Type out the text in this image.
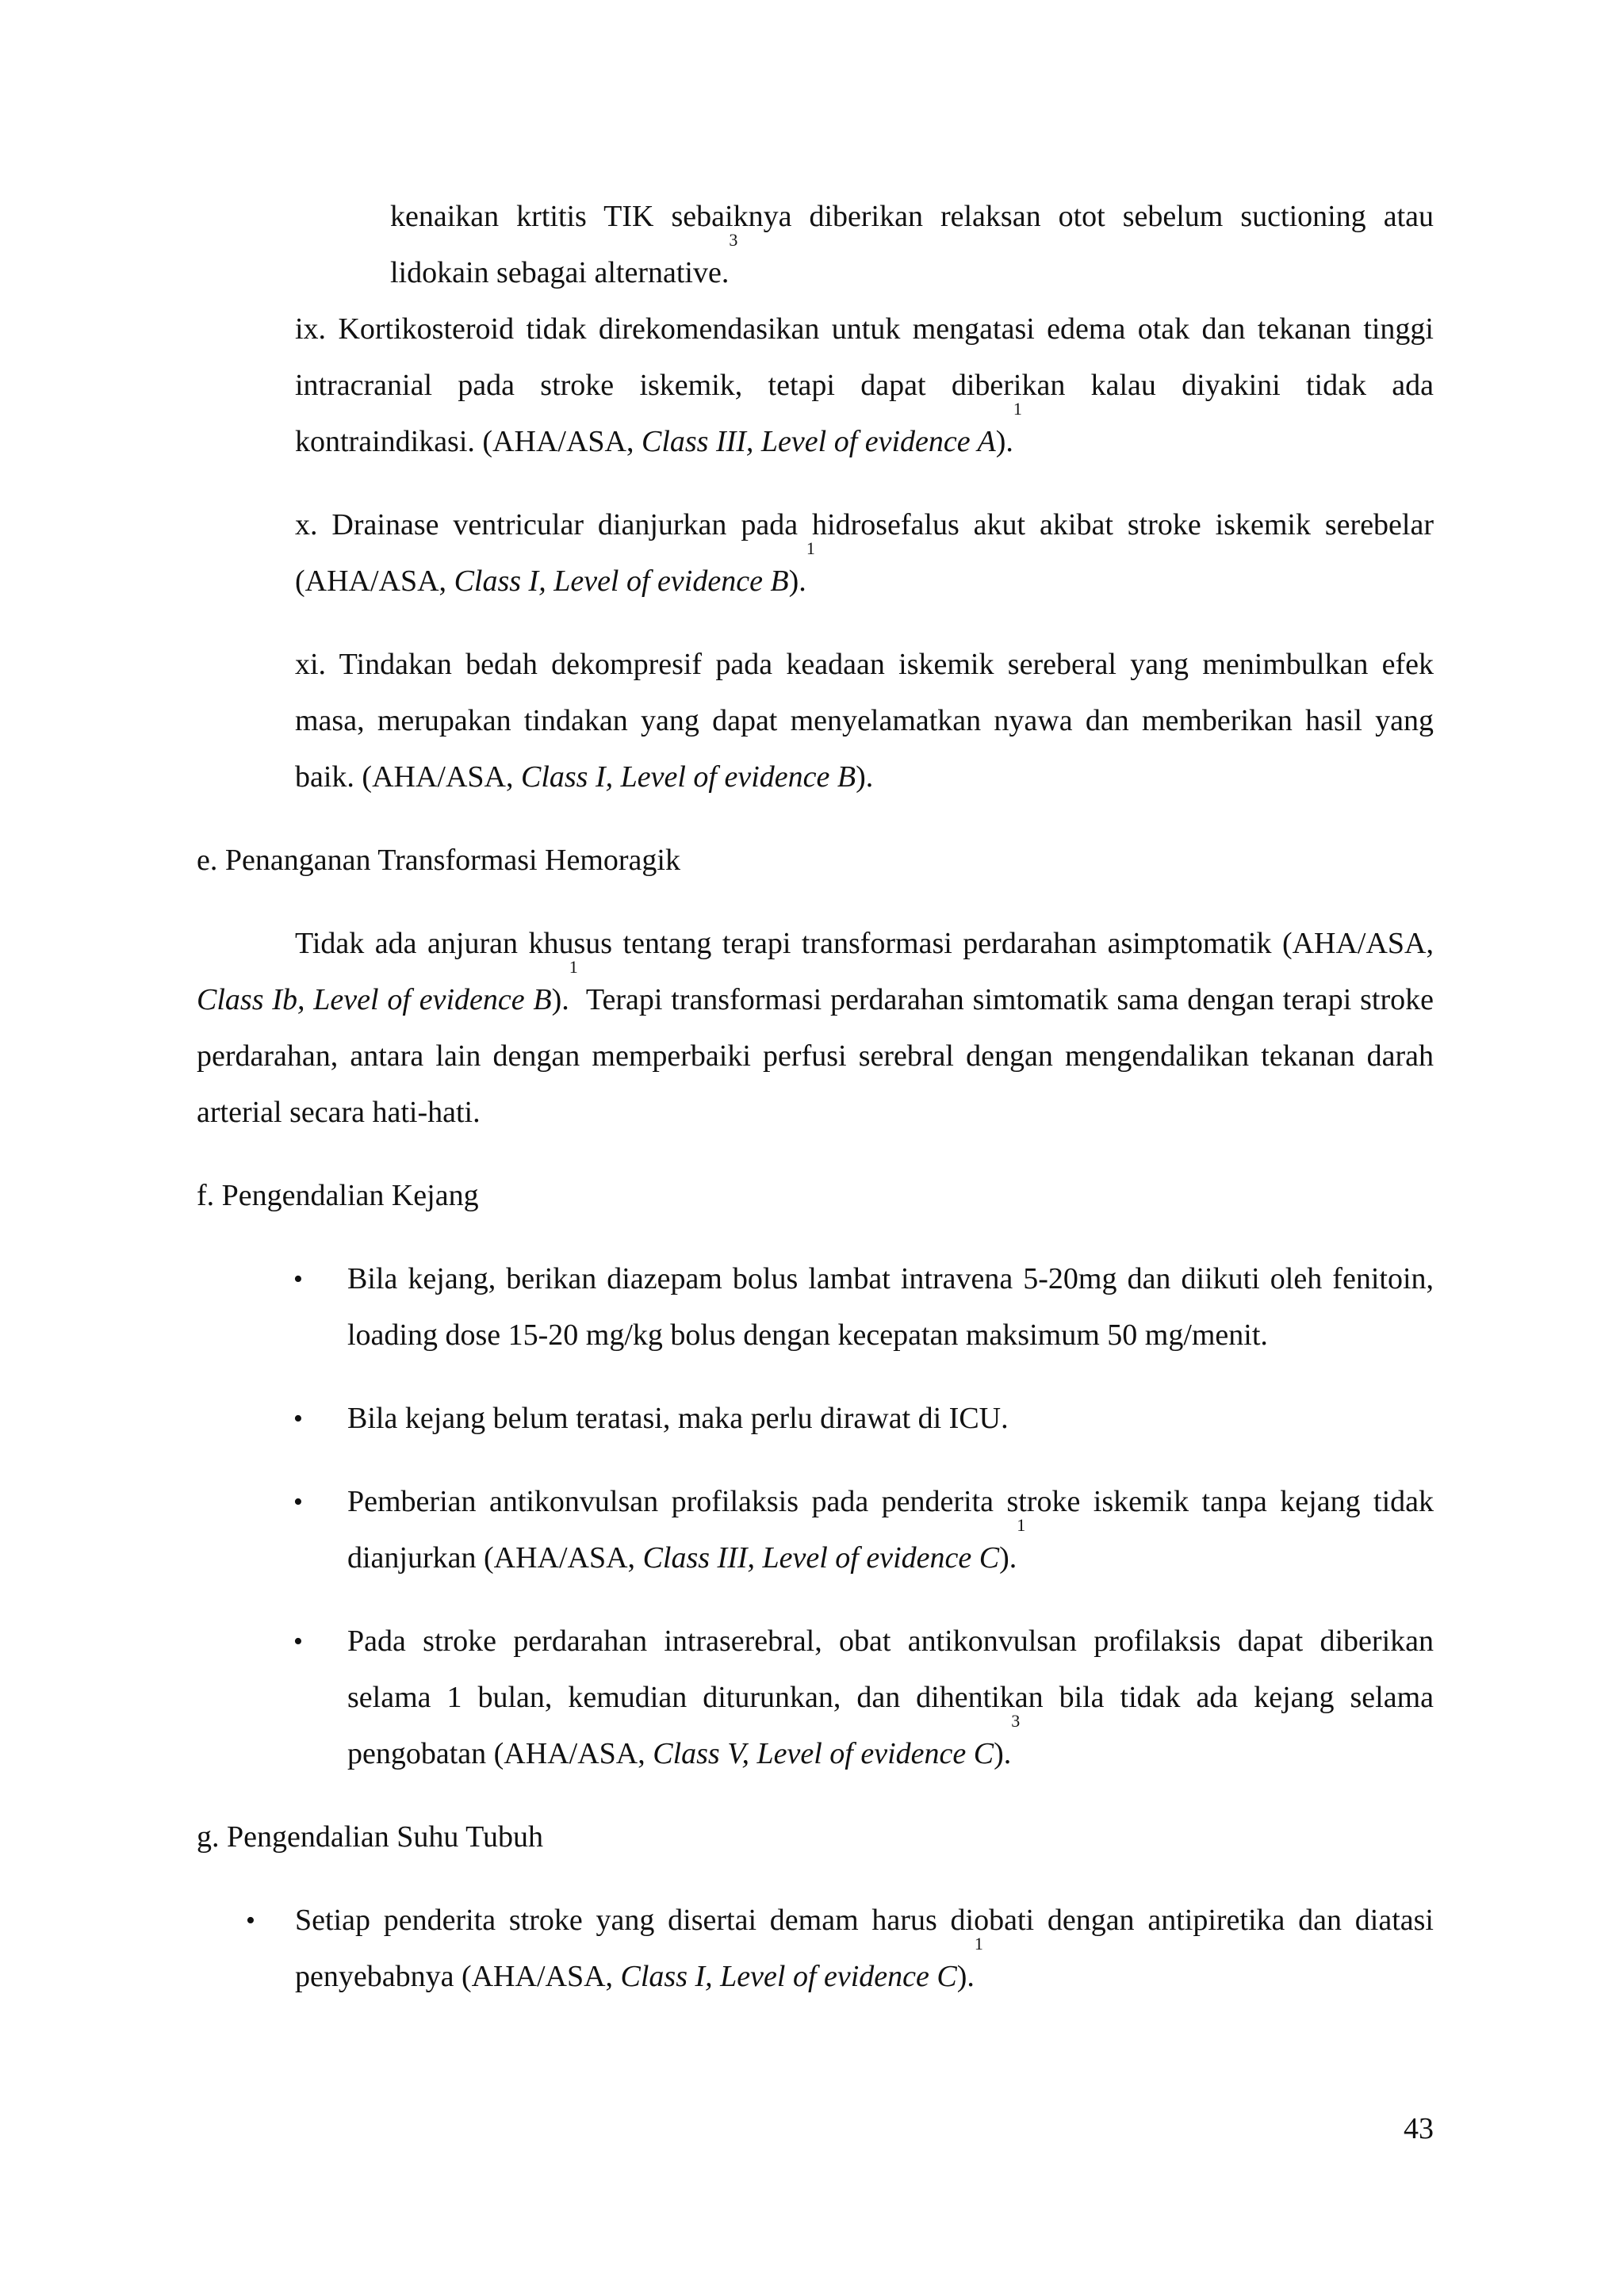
kenaikan krtitis TIK sebaiknya diberikan relaksan otot sebelum suctioning atau lidokain sebagai alternative.$^3$

ix. Kortikosteroid tidak direkomendasikan untuk mengatasi edema otak dan tekanan tinggi intracranial pada stroke iskemik, tetapi dapat diberikan kalau diyakini tidak ada kontraindikasi. (AHA/ASA, Class III, Level of evidence A).$^1$

x. Drainase ventricular dianjurkan pada hidrosefalus akut akibat stroke iskemik serebelar (AHA/ASA, Class I, Level of evidence B).$^1$

xi. Tindakan bedah dekompresif pada keadaan iskemik sereberal yang menimbulkan efek masa, merupakan tindakan yang dapat menyelamatkan nyawa dan memberikan hasil yang baik. (AHA/ASA, Class I, Level of evidence B).

e. Penanganan Transformasi Hemoragik

Tidak ada anjuran khusus tentang terapi transformasi perdarahan asimptomatik (AHA/ASA, Class Ib, Level of evidence B).$^1$ Terapi transformasi perdarahan simtomatik sama dengan terapi stroke perdarahan, antara lain dengan memperbaiki perfusi serebral dengan mengendalikan tekanan darah arterial secara hati-hati.

f. Pengendalian Kejang

• Bila kejang, berikan diazepam bolus lambat intravena 5-20mg dan diikuti oleh fenitoin, loading dose 15-20 mg/kg bolus dengan kecepatan maksimum 50 mg/menit.

• Bila kejang belum teratasi, maka perlu dirawat di ICU.

• Pemberian antikonvulsan profilaksis pada penderita stroke iskemik tanpa kejang tidak dianjurkan (AHA/ASA, Class III, Level of evidence C).$^1$

• Pada stroke perdarahan intraserebral, obat antikonvulsan profilaksis dapat diberikan selama 1 bulan, kemudian diturunkan, dan dihentikan bila tidak ada kejang selama pengobatan (AHA/ASA, Class V, Level of evidence C).$^3$

g. Pengendalian Suhu Tubuh

• Setiap penderita stroke yang disertai demam harus diobati dengan antipiretika dan diatasi penyebabnya (AHA/ASA, Class I, Level of evidence C).$^1$

43
